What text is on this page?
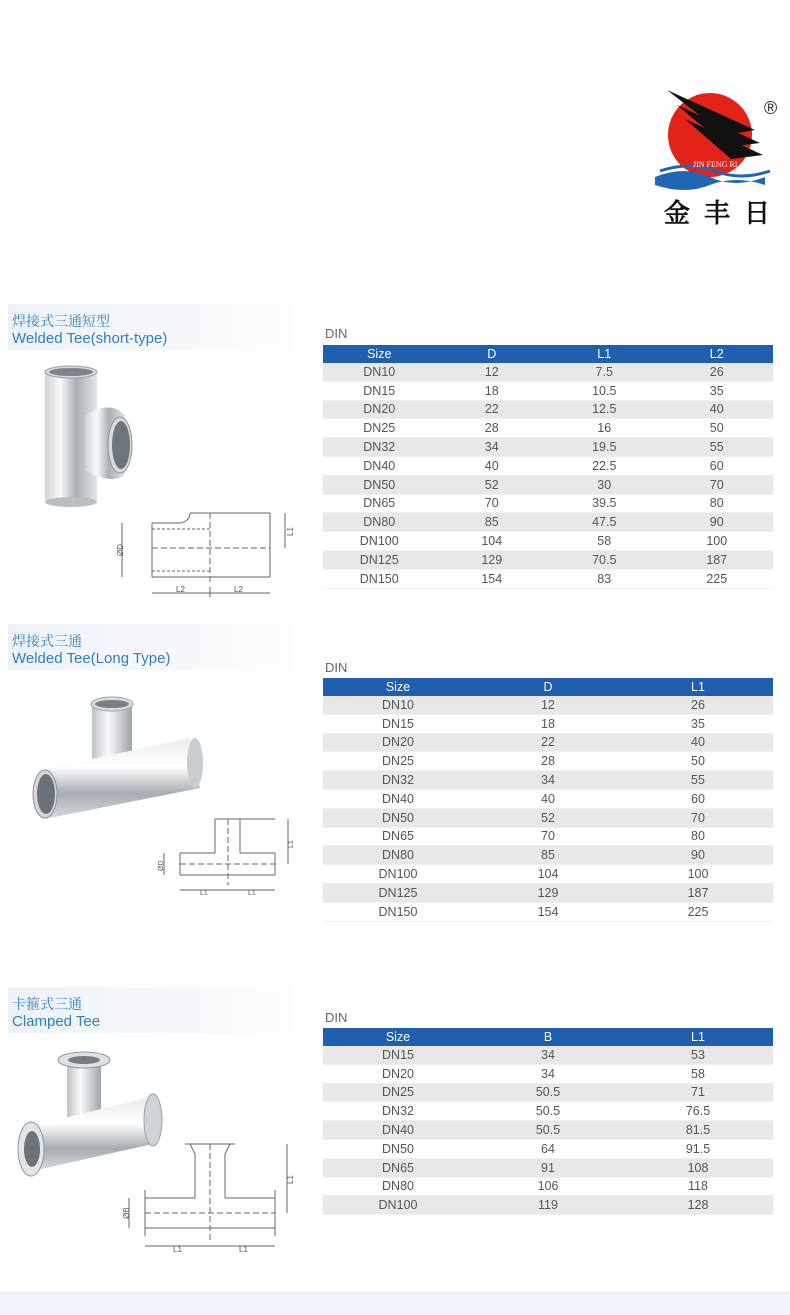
JIN FENG RI
®
金丰日
焊接式三通短型
Welded Tee(short-type)
ØD
L1
L2	L2
DIN
Size	D	L1	L2
DN10	12	7.5	26
DN15	18	10.5	35
DN20	22	12.5	40
DN25	28	16	50
DN32	34	19.5	55
DN40	40	22.5	60
DN50	52	30	70
DN65	70	39.5	80
DN80	85	47.5	90
DN100	104	58	100
DN125	129	70.5	187
DN150	154	83	225
焊接式三通
Welded Tee(Long Type)
ØD
L1
L1	L1
DIN
Size	D	L1
DN10	12	26
DN15	18	35
DN20	22	40
DN25	28	50
DN32	34	55
DN40	40	60
DN50	52	70
DN65	70	80
DN80	85	90
DN100	104	100
DN125	129	187
DN150	154	225
卡箍式三通
Clamped Tee
ØB
L1
L1	L1
DIN
Size	B	L1
DN15	34	53
DN20	34	58
DN25	50.5	71
DN32	50.5	76.5
DN40	50.5	81.5
DN50	64	91.5
DN65	91	108
DN80	106	118
DN100	119	128
